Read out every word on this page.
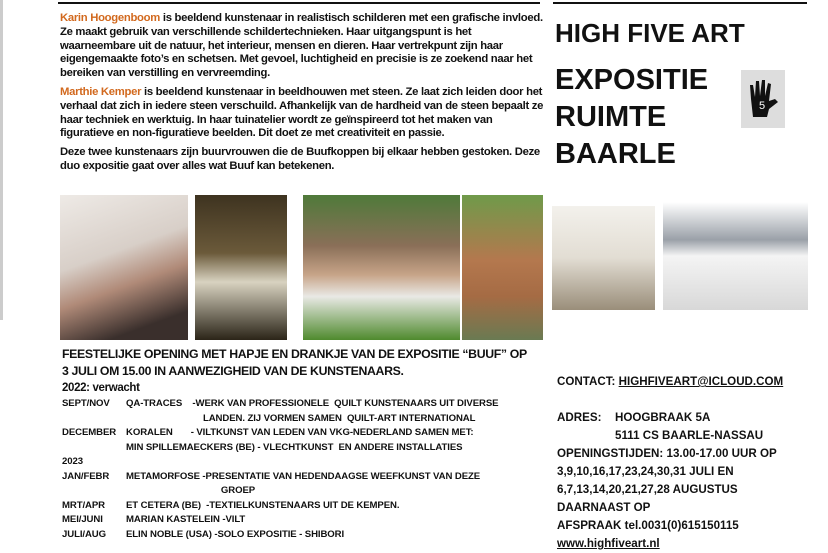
Karin Hoogenboom is beeldend kunstenaar in realistisch schilderen met een grafische invloed. Ze maakt gebruik van verschillende schildertechnieken. Haar uitgangspunt is het waarneembare uit de natuur, het interieur, mensen en dieren. Haar vertrekpunt zijn haar eigengemaakte foto’s en schetsen. Met gevoel, luchtigheid en precisie is ze zoekend naar het bereiken van verstilling en vervreemding.

Marthie Kemper is beeldend kunstenaar in beeldhouwen met steen. Ze laat zich leiden door het verhaal dat zich in iedere steen verschuild. Afhankelijk van de hardheid van de steen bepaalt ze haar techniek en werktuig. In haar tuinatelier wordt ze geïnspireerd tot het maken van figuratieve en non-figuratieve beelden. Dit doet ze met creativiteit en passie.

Deze twee kunstenaars zijn buurvrouwen die de Buufkoppen bij elkaar hebben gestoken. Deze duo expositie gaat over alles wat Buuf kan betekenen.

HIGH FIVE ART
EXPOSITIE
RUIMTE
BAARLE
5
FEESTELIJKE OPENING MET HAPJE EN DRANKJE VAN DE EXPOSITIE “BUUF” OP
3 JULI OM 15.00 IN AANWEZIGHEID VAN DE KUNSTENAARS.
2022: verwacht
SEPT/NOV	QA-TRACES    -WERK VAN PROFESSIONELE  QUILT KUNSTENAARS UIT DIVERSE
LANDEN. ZIJ VORMEN SAMEN  QUILT-ART INTERNATIONAL
DECEMBER	KORALEN       - VILTKUNST VAN LEDEN VAN VKG-NEDERLAND SAMEN MET:
MIN SPILLEMAECKERS (BE) - VLECHTKUNST  EN ANDERE INSTALLATIES
2023
JAN/FEBR	METAMORFOSE -PRESENTATIE VAN HEDENDAAGSE WEEFKUNST VAN DEZE
GROEP
MRT/APR	ET CETERA (BE)  -TEXTIELKUNSTENAARS UIT DE KEMPEN.
MEI/JUNI	MARIAN KASTELEIN -VILT
JULI/AUG	ELIN NOBLE (USA) -SOLO EXPOSITIE - SHIBORI
CONTACT: HIGHFIVEART@ICLOUD.COM
ADRES:	HOOGBRAAK 5A
5111 CS BAARLE-NASSAU
OPENINGSTIJDEN: 13.00-17.00 UUR OP
3,9,10,16,17,23,24,30,31 JULI EN
6,7,13,14,20,21,27,28 AUGUSTUS
DAARNAAST OP
AFSPRAAK tel.0031(0)615150115
www.highfiveart.nl
